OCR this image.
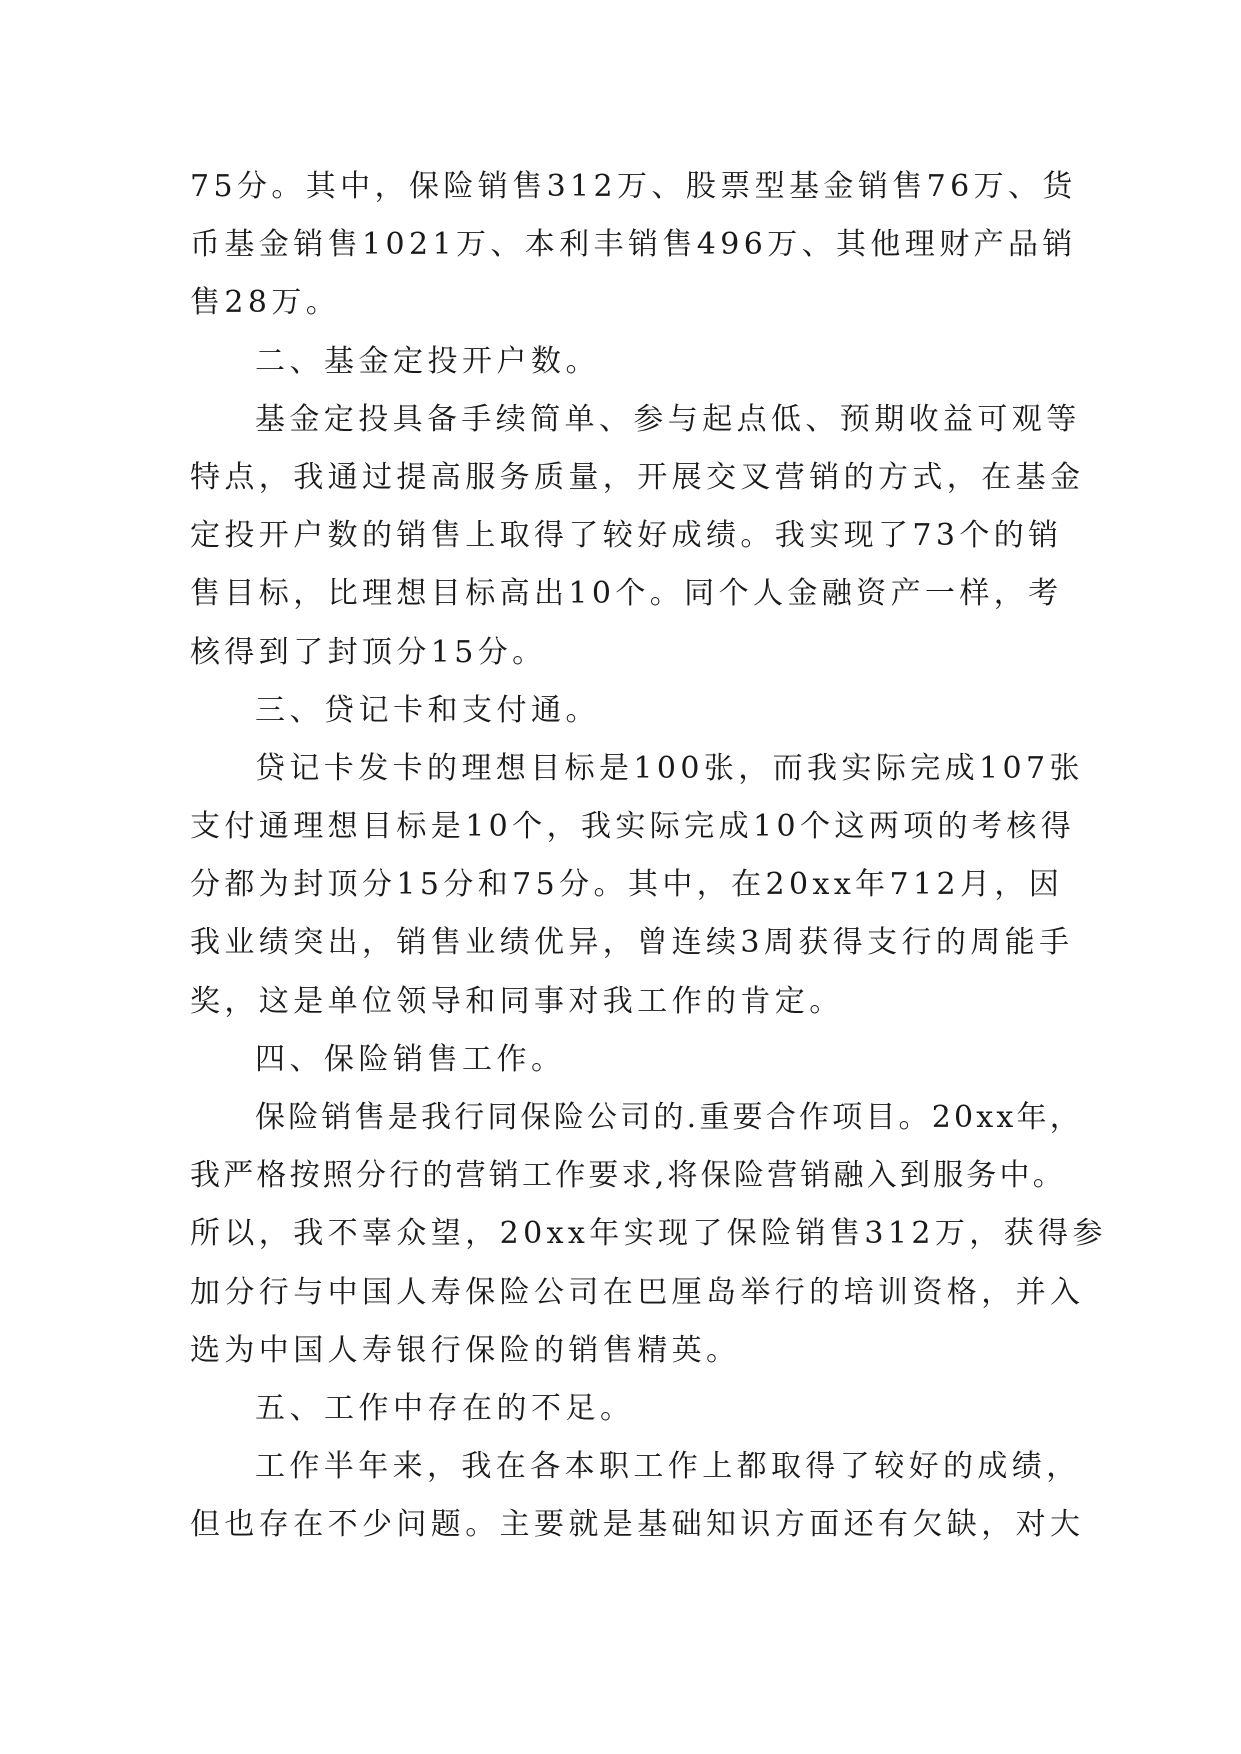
75分。其中，保险销售312万、股票型基金销售76万、货
币基金销售1021万、本利丰销售496万、其他理财产品销
售28万。
二、基金定投开户数。
基金定投具备手续简单、参与起点低、预期收益可观等
特点，我通过提高服务质量，开展交叉营销的方式，在基金
定投开户数的销售上取得了较好成绩。我实现了73个的销
售目标，比理想目标高出10个。同个人金融资产一样，考
核得到了封顶分15分。
三、贷记卡和支付通。
贷记卡发卡的理想目标是100张，而我实际完成107张
支付通理想目标是10个，我实际完成10个这两项的考核得
分都为封顶分15分和75分。其中，在20xx年712月，因
我业绩突出，销售业绩优异，曾连续3周获得支行的周能手
奖，这是单位领导和同事对我工作的肯定。
四、保险销售工作。
保险销售是我行同保险公司的.重要合作项目。20xx年，
我严格按照分行的营销工作要求,将保险营销融入到服务中。
所以，我不辜众望，20xx年实现了保险销售312万，获得参
加分行与中国人寿保险公司在巴厘岛举行的培训资格，并入
选为中国人寿银行保险的销售精英。
五、工作中存在的不足。
工作半年来，我在各本职工作上都取得了较好的成绩，
但也存在不少问题。主要就是基础知识方面还有欠缺，对大
